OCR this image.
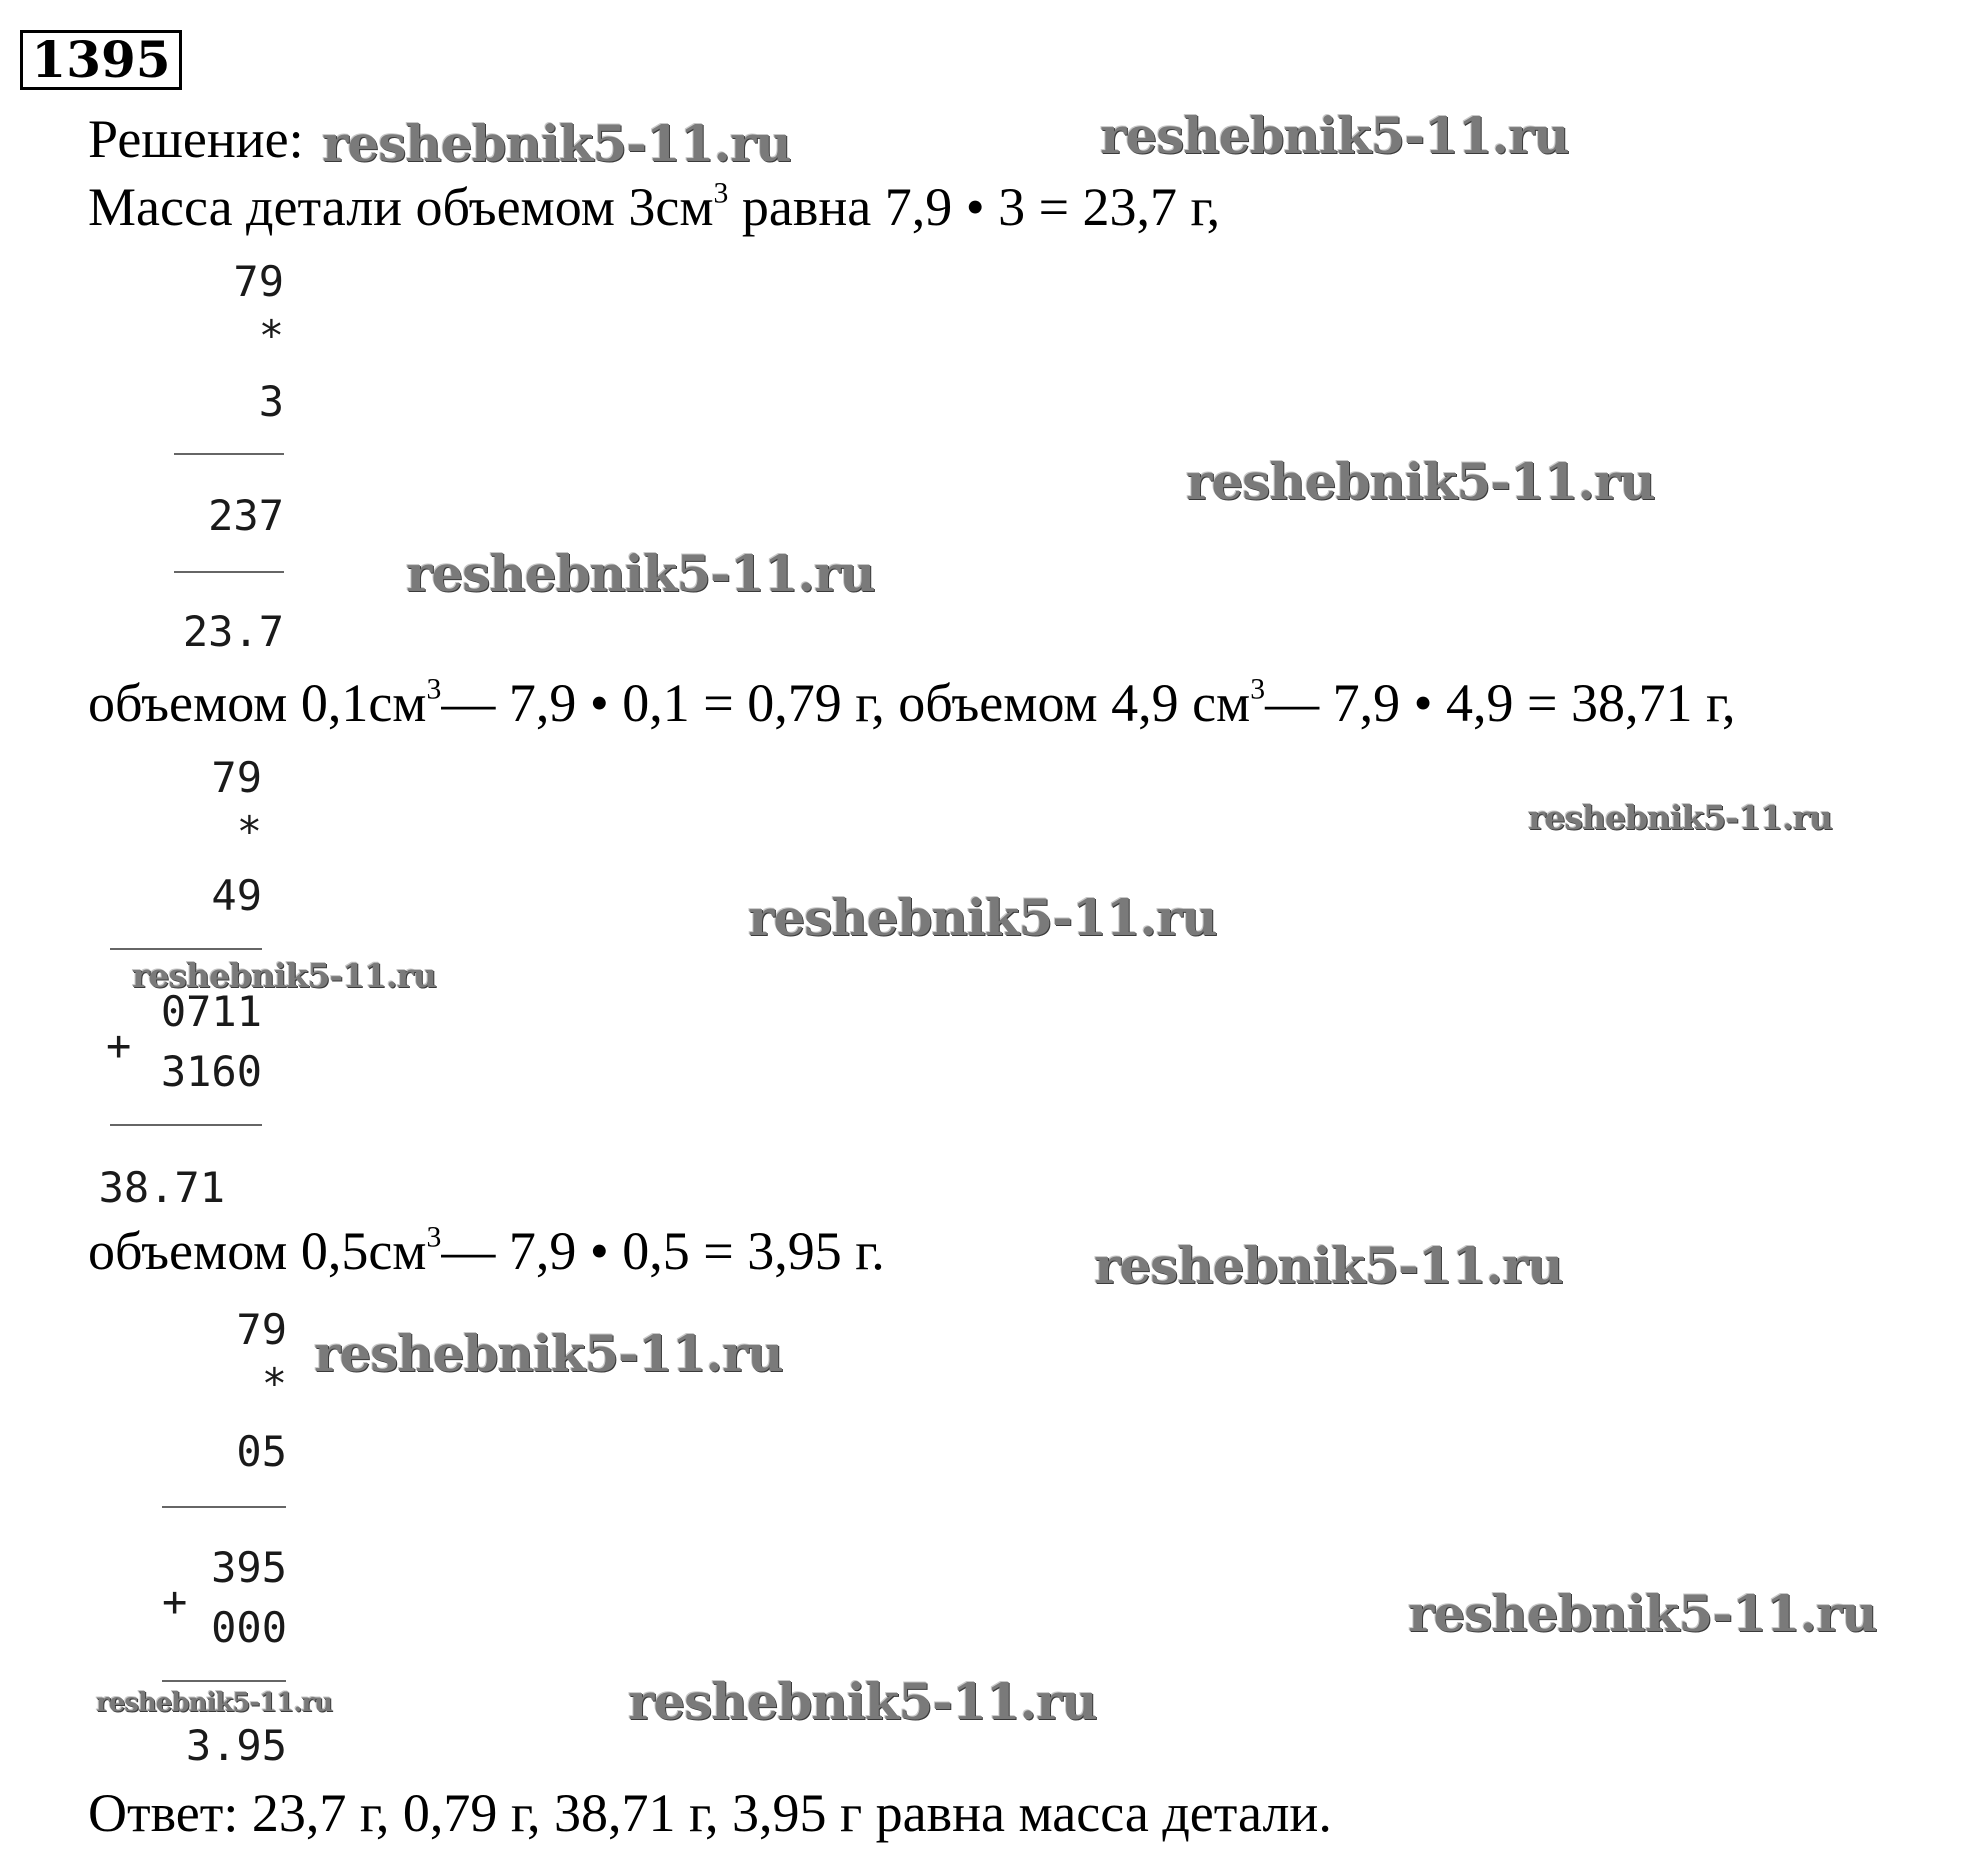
1395
Решение:
Масса детали объемом $3см^3$ равна 7,9 • 3 = 23,7 г,
объемом $0,1см^3—$ 7,9 • 0,1 = 0,79 г, объемом 4,9 $см^3—$ 7,9 • 4,9 = 38,71 г,
объемом $0,5см^3—$ 7,9 • 0,5 = 3,95 г.
Ответ: 23,7 г, 0,79 г, 38,71 г, 3,95 г равна масса детали.
79
*
3
237
23.7
79
*
49
0711
+
3160
38.71
79
*
05
395
+
000
3.95
reshebnik5-11.ru	reshebnik5-11.ru
reshebnik5-11.ru
reshebnik5-11.ru
reshebnik5-11.ru
reshebnik5-11.ru
reshebnik5-11.ru
reshebnik5-11.ru
reshebnik5-11.ru
reshebnik5-11.ru
reshebnik5-11.ru
reshebnik5-11.ru
